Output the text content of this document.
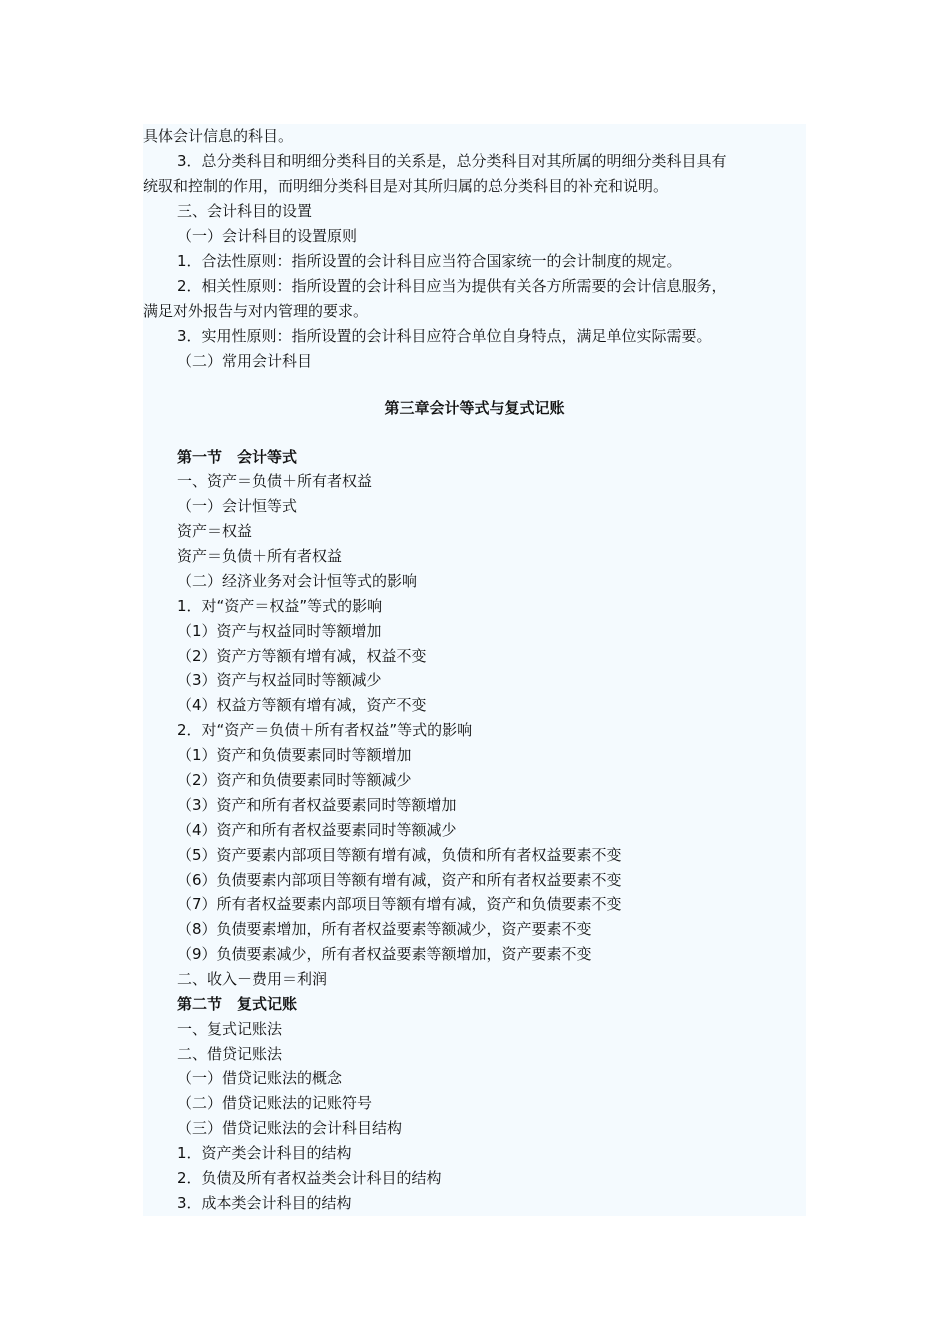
具体会计信息的科目。
3．总分类科目和明细分类科目的关系是，总分类科目对其所属的明细分类科目具有
统驭和控制的作用，而明细分类科目是对其所归属的总分类科目的补充和说明。
三、会计科目的设置
（一）会计科目的设置原则
1．合法性原则：指所设置的会计科目应当符合国家统一的会计制度的规定。
2．相关性原则：指所设置的会计科目应当为提供有关各方所需要的会计信息服务，
满足对外报告与对内管理的要求。
3．实用性原则：指所设置的会计科目应符合单位自身特点，满足单位实际需要。
（二）常用会计科目
第三章会计等式与复式记账
第一节　会计等式
一、资产＝负债＋所有者权益
（一）会计恒等式
资产＝权益
资产＝负债＋所有者权益
（二）经济业务对会计恒等式的影响
1．对“资产＝权益”等式的影响
（1）资产与权益同时等额增加
（2）资产方等额有增有减，权益不变
（3）资产与权益同时等额减少
（4）权益方等额有增有减，资产不变
2．对“资产＝负债＋所有者权益”等式的影响
（1）资产和负债要素同时等额增加
（2）资产和负债要素同时等额减少
（3）资产和所有者权益要素同时等额增加
（4）资产和所有者权益要素同时等额减少
（5）资产要素内部项目等额有增有减，负债和所有者权益要素不变
（6）负债要素内部项目等额有增有减，资产和所有者权益要素不变
（7）所有者权益要素内部项目等额有增有减，资产和负债要素不变
（8）负债要素增加，所有者权益要素等额减少，资产要素不变
（9）负债要素减少，所有者权益要素等额增加，资产要素不变
二、收入－费用＝利润
第二节　复式记账
一、复式记账法
二、借贷记账法
（一）借贷记账法的概念
（二）借贷记账法的记账符号
（三）借贷记账法的会计科目结构
1．资产类会计科目的结构
2．负债及所有者权益类会计科目的结构
3．成本类会计科目的结构
